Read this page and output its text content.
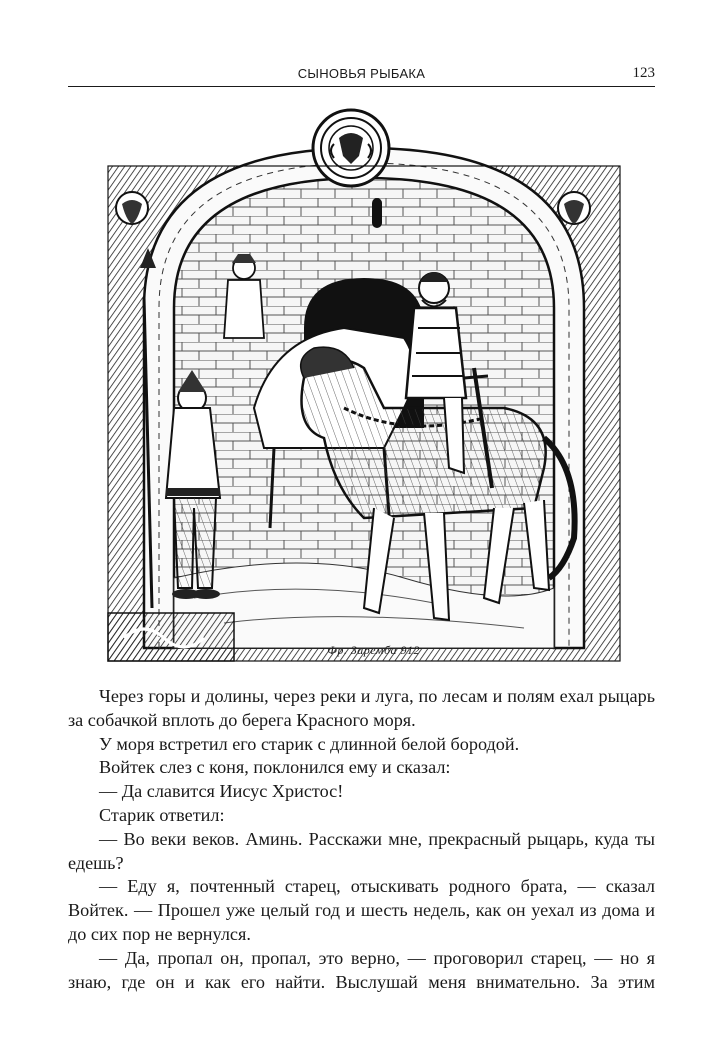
СЫНОВЬЯ РЫБАКА	123
Фр. Заремба 912

Через горы и долины, через реки и луга, по лесам и полям ехал рыцарь за собачкой вплоть до берега Красного моря.

У моря встретил его старик с длинной белой бородой.

Войтек слез с коня, поклонился ему и сказал:

— Да славится Иисус Христос!

Старик ответил:

— Во веки веков. Аминь. Расскажи мне, прекрасный рыцарь, куда ты едешь?

— Еду я, почтенный старец, отыскивать родного брата, — сказал Войтек. — Прошел уже целый год и шесть недель, как он уехал из дома и до сих пор не вернулся.

— Да, пропал он, пропал, это верно, — проговорил старец, — но я знаю, где он и как его найти. Выслушай меня внимательно. За этим
